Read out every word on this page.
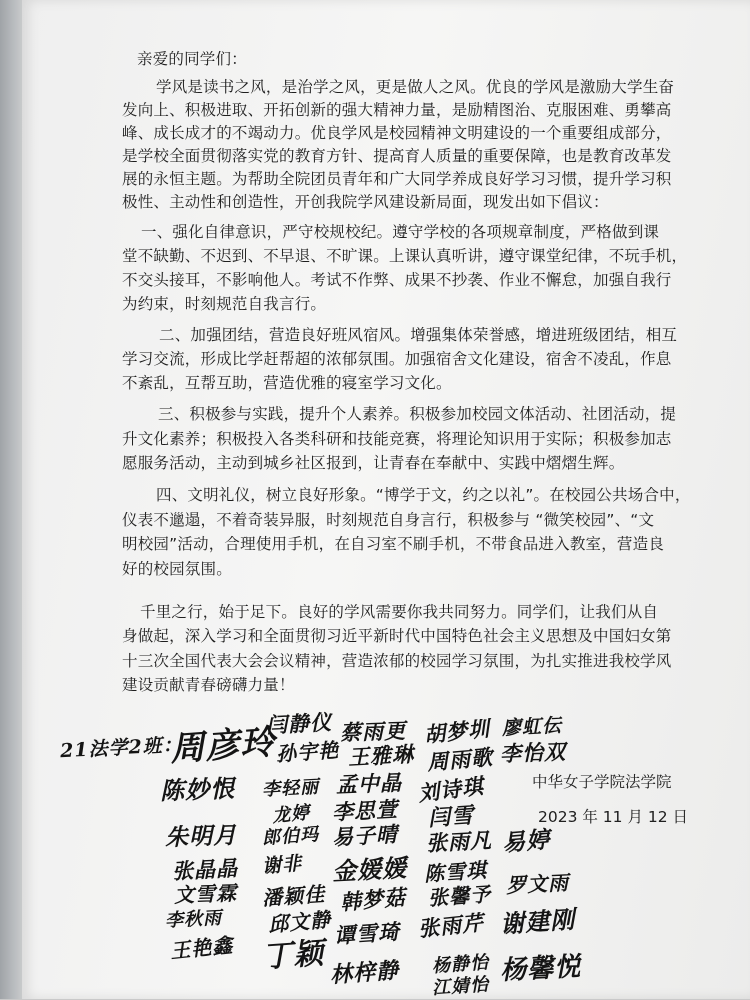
亲爱的同学们：

学风是读书之风，是治学之风，更是做人之风。优良的学风是激励大学生奋

发向上、积极进取、开拓创新的强大精神力量，是励精图治、克服困难、勇攀高

峰、成长成才的不竭动力。优良学风是校园精神文明建设的一个重要组成部分，

是学校全面贯彻落实党的教育方针、提高育人质量的重要保障，也是教育改革发

展的永恒主题。为帮助全院团员青年和广大同学养成良好学习习惯，提升学习积

极性、主动性和创造性，开创我院学风建设新局面，现发出如下倡议：

一、强化自律意识，严守校规校纪。遵守学校的各项规章制度，严格做到课

堂不缺勤、不迟到、不早退、不旷课。上课认真听讲，遵守课堂纪律，不玩手机，

不交头接耳，不影响他人。考试不作弊、成果不抄袭、作业不懈怠，加强自我行

为约束，时刻规范自我言行。

二、加强团结，营造良好班风宿风。增强集体荣誉感，增进班级团结，相互

学习交流，形成比学赶帮超的浓郁氛围。加强宿舍文化建设，宿舍不凌乱，作息

不紊乱，互帮互助，营造优雅的寝室学习文化。

三、积极参与实践，提升个人素养。积极参加校园文体活动、社团活动，提

升文化素养；积极投入各类科研和技能竞赛，将理论知识用于实际；积极参加志

愿服务活动，主动到城乡社区报到，让青春在奉献中、实践中熠熠生辉。

四、文明礼仪，树立良好形象。“博学于文，约之以礼”。在校园公共场合中，

仪表不邋遢，不着奇装异服，时刻规范自身言行，积极参与 “微笑校园”、“文

明校园”活动，合理使用手机，在自习室不刷手机，不带食品进入教室，营造良

好的校园氛围。

千里之行，始于足下。良好的学风需要你我共同努力。同学们，让我们从自

身做起，深入学习和全面贯彻习近平新时代中国特色社会主义思想及中国妇女第

十三次全国代表大会会议精神，营造浓郁的校园学习氛围，为扎实推进我校学风

建设贡献青春磅礴力量！

中华女子学院法学院
2023 年 11 月 12 日
21法学2班：
周彦玲
闫静仪
孙宇艳
蔡雨更
王雅琳
胡梦圳
周雨歌
廖虹伝
李怡双
陈妙恨 李轻丽
龙婷
孟中晶
李思萱
刘诗琪
闫雪
朱明月 郎伯玛 易子晴 张雨凡 易婷
张晶晶
文雪霖
谢非 金媛媛 陈雪琪
张馨予 罗文雨
潘颖佳
李秋雨 邱文静
韩梦菇
张雨芹 谢建刚
王艳鑫 丁颖
谭雪琦
林梓静 杨静怡
江婧怡
杨馨悦
